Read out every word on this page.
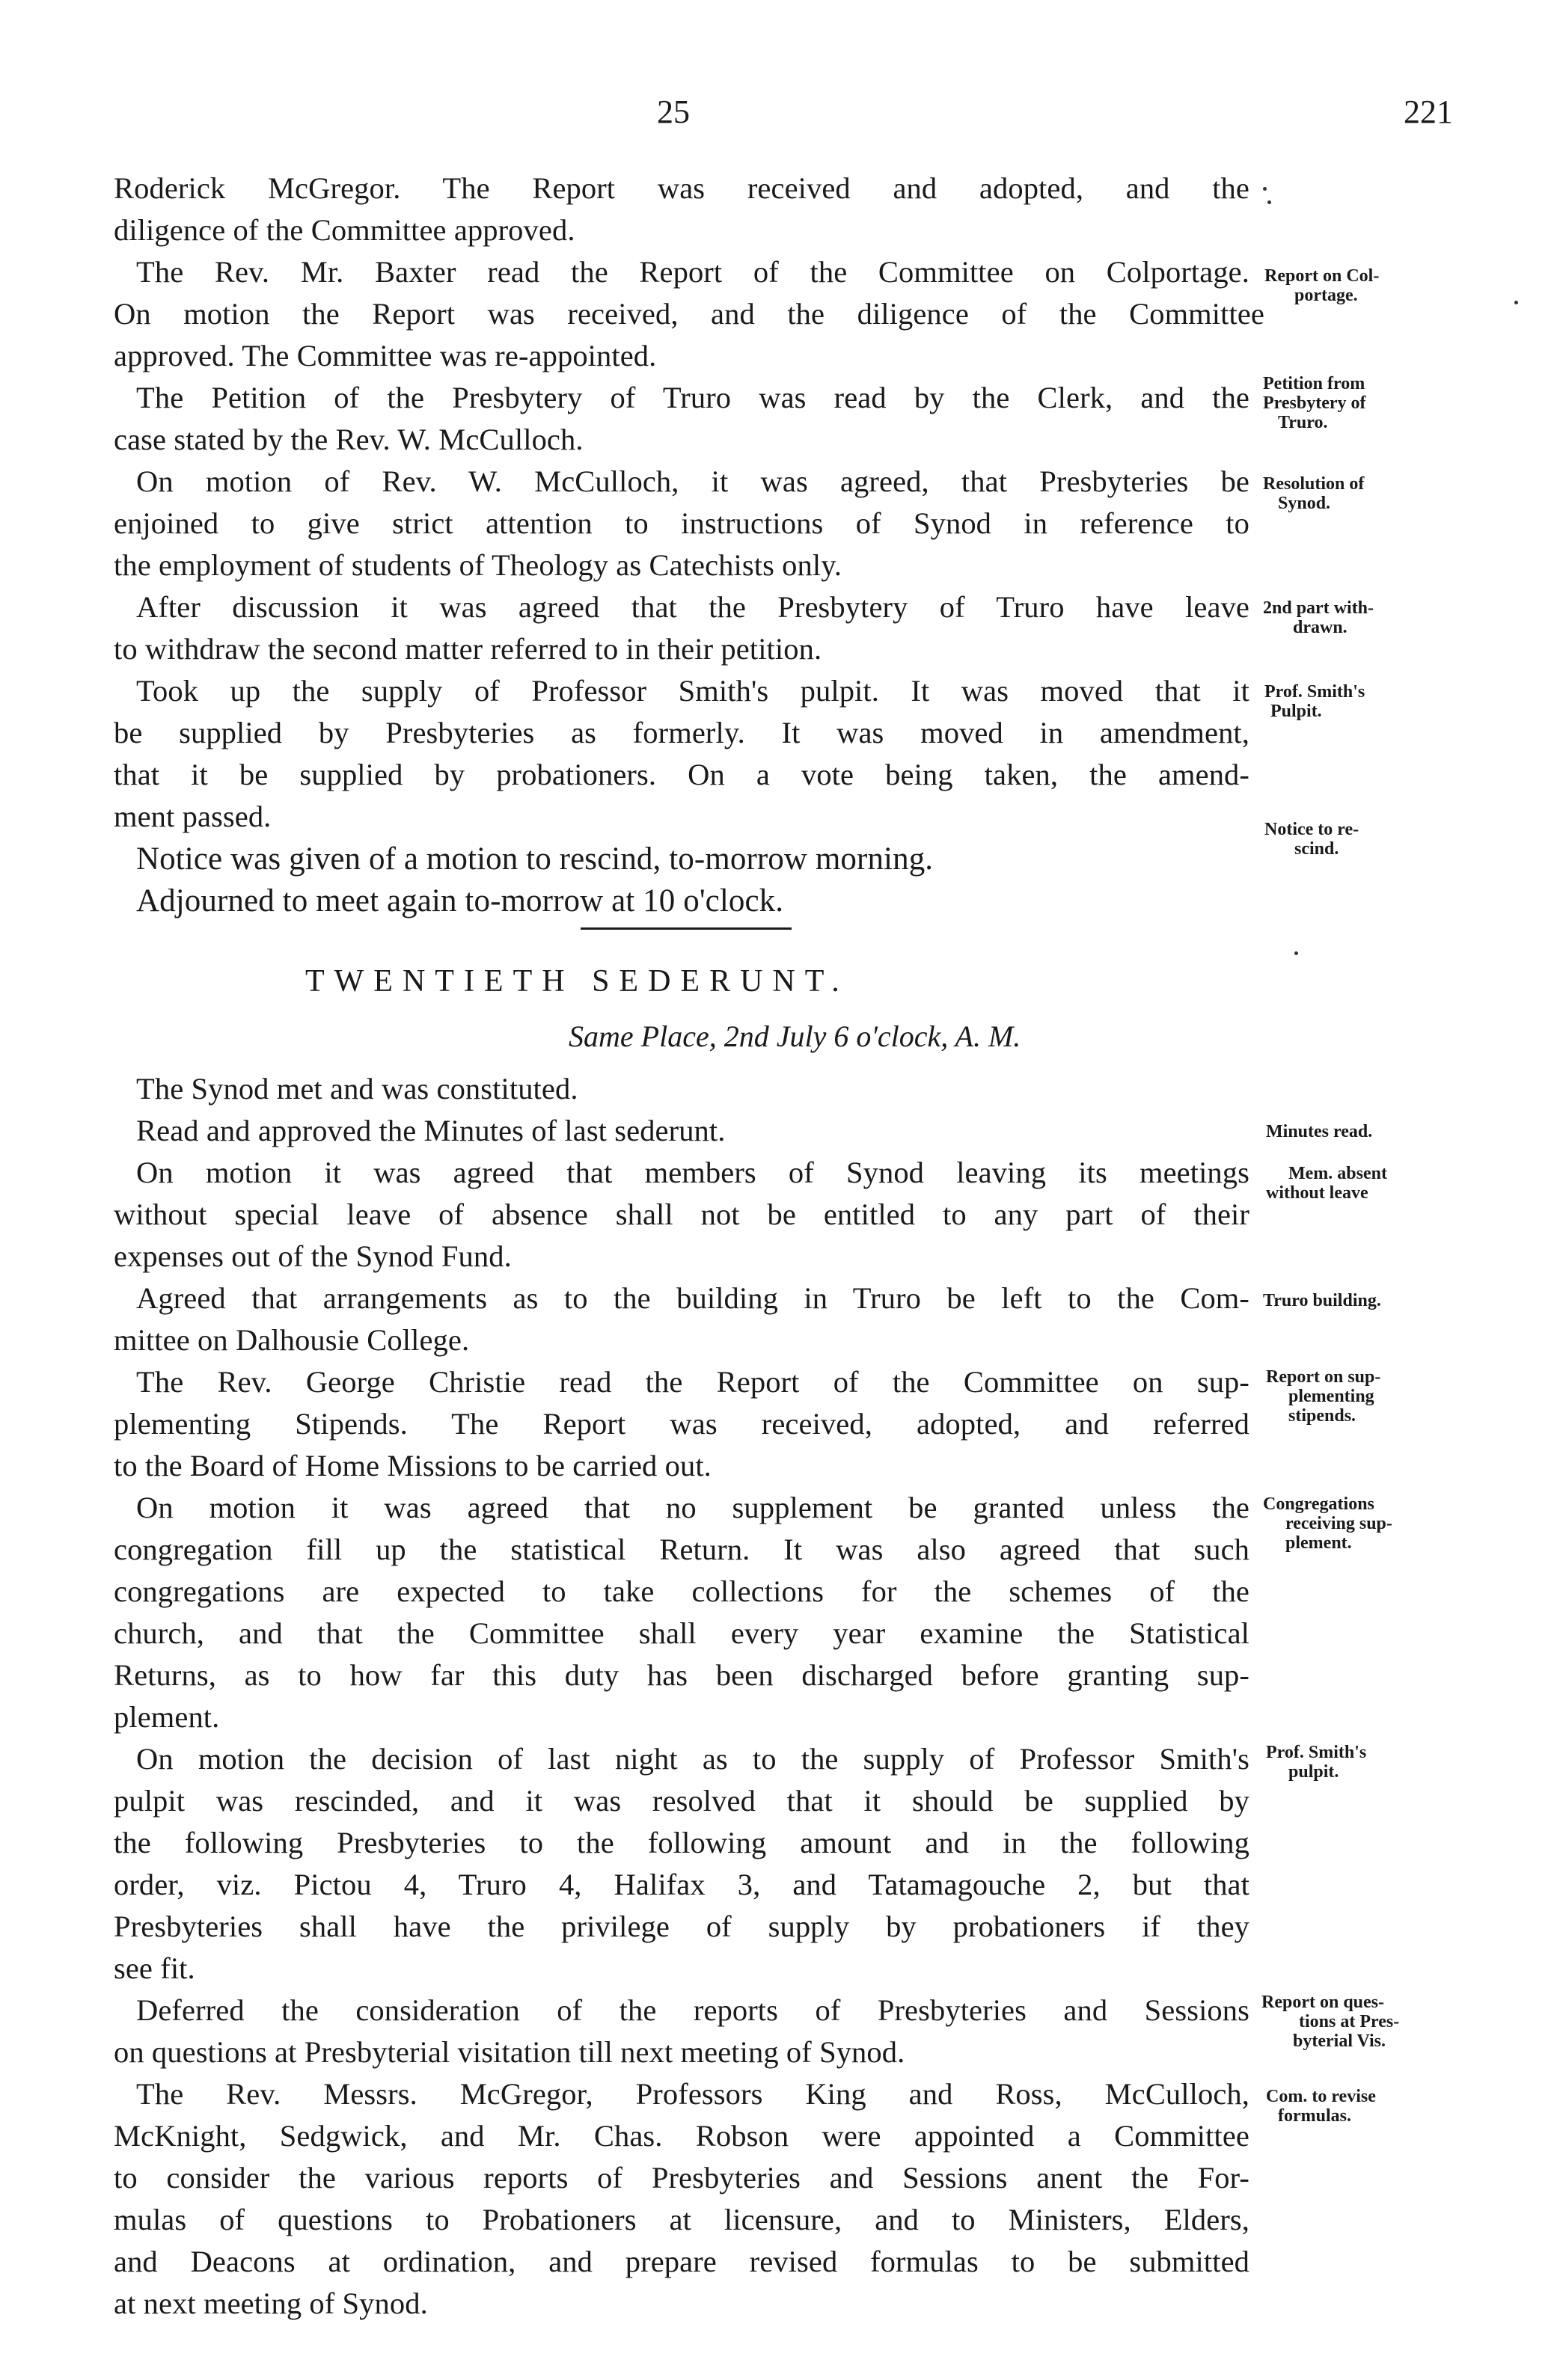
25	221
Roderick McGregor. The Report was received and adopted, and the
diligence of the Committee approved.
The Rev. Mr. Baxter read the Report of the Committee on Colportage.
On motion the Report was received, and the diligence of the Committee
approved. The Committee was re-appointed.
The Petition of the Presbytery of Truro was read by the Clerk, and the
case stated by the Rev. W. McCulloch.
On motion of Rev. W. McCulloch, it was agreed, that Presbyteries be
enjoined to give strict attention to instructions of Synod in reference to
the employment of students of Theology as Catechists only.
After discussion it was agreed that the Presbytery of Truro have leave
to withdraw the second matter referred to in their petition.
Took up the supply of Professor Smith's pulpit. It was moved that it
be supplied by Presbyteries as formerly. It was moved in amendment,
that it be supplied by probationers. On a vote being taken, the amend-
ment passed.
Notice was given of a motion to rescind, to-morrow morning.
Adjourned to meet again to-morrow at 10 o'clock.
Report on Col-
portage.
Petition from
Presbytery of
Truro.
Resolution of
Synod.
2nd part with-
drawn.
Prof. Smith's
Pulpit.
Notice to re-
scind.
TWENTIETH SEDERUNT.
Same Place, 2nd July 6 o'clock, A. M.
The Synod met and was constituted.
Read and approved the Minutes of last sederunt.
On motion it was agreed that members of Synod leaving its meetings
without special leave of absence shall not be entitled to any part of their
expenses out of the Synod Fund.
Agreed that arrangements as to the building in Truro be left to the Com-
mittee on Dalhousie College.
The Rev. George Christie read the Report of the Committee on sup-
plementing Stipends. The Report was received, adopted, and referred
to the Board of Home Missions to be carried out.
On motion it was agreed that no supplement be granted unless the
congregation fill up the statistical Return. It was also agreed that such
congregations are expected to take collections for the schemes of the
church, and that the Committee shall every year examine the Statistical
Returns, as to how far this duty has been discharged before granting sup-
plement.
On motion the decision of last night as to the supply of Professor Smith's
pulpit was rescinded, and it was resolved that it should be supplied by
the following Presbyteries to the following amount and in the following
order, viz. Pictou 4, Truro 4, Halifax 3, and Tatamagouche 2, but that
Presbyteries shall have the privilege of supply by probationers if they
see fit.
Deferred the consideration of the reports of Presbyteries and Sessions
on questions at Presbyterial visitation till next meeting of Synod.
The Rev. Messrs. McGregor, Professors King and Ross, McCulloch,
McKnight, Sedgwick, and Mr. Chas. Robson were appointed a Committee
to consider the various reports of Presbyteries and Sessions anent the For-
mulas of questions to Probationers at licensure, and to Ministers, Elders,
and Deacons at ordination, and prepare revised formulas to be submitted
at next meeting of Synod.
Minutes read.
Mem. absent
without leave
Truro building.
Report on sup-
plementing
stipends.
Congregations
receiving sup-
plement.
Prof. Smith's
pulpit.
Report on ques-
tions at Pres-
byterial Vis.
Com. to revise
formulas.
